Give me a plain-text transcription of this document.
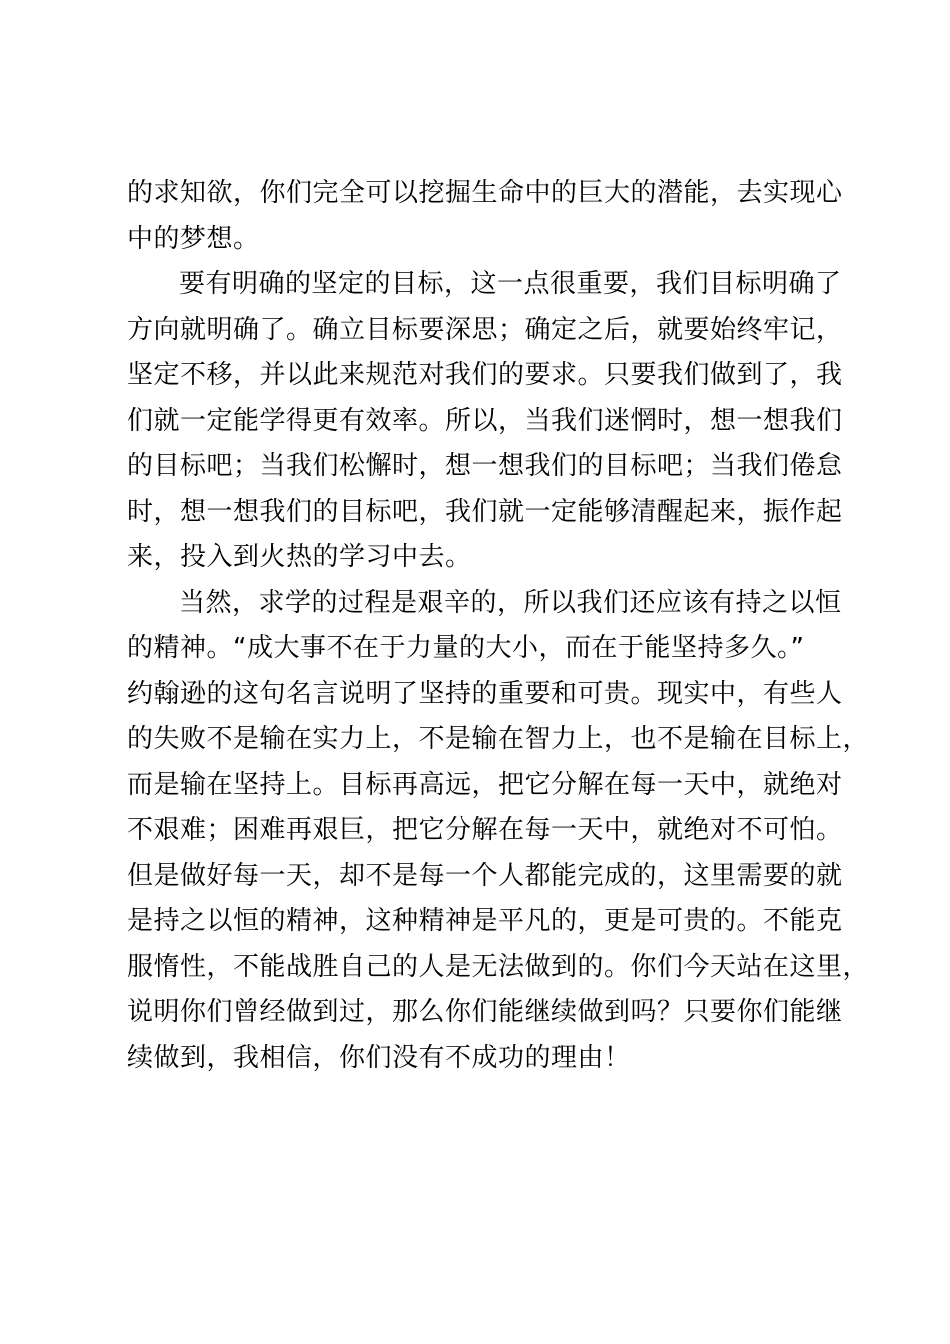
的求知欲，你们完全可以挖掘生命中的巨大的潜能，去实现心
中的梦想。
要有明确的坚定的目标，这一点很重要，我们目标明确了
方向就明确了。确立目标要深思；确定之后，就要始终牢记，
坚定不移，并以此来规范对我们的要求。只要我们做到了，我
们就一定能学得更有效率。所以，当我们迷惘时，想一想我们
的目标吧；当我们松懈时，想一想我们的目标吧；当我们倦怠
时，想一想我们的目标吧，我们就一定能够清醒起来，振作起
来，投入到火热的学习中去。
当然，求学的过程是艰辛的，所以我们还应该有持之以恒
的精神。“成大事不在于力量的大小，而在于能坚持多久。”
约翰逊的这句名言说明了坚持的重要和可贵。现实中，有些人
的失败不是输在实力上，不是输在智力上，也不是输在目标上，
而是输在坚持上。目标再高远，把它分解在每一天中，就绝对
不艰难；困难再艰巨，把它分解在每一天中，就绝对不可怕。
但是做好每一天，却不是每一个人都能完成的，这里需要的就
是持之以恒的精神，这种精神是平凡的，更是可贵的。不能克
服惰性，不能战胜自己的人是无法做到的。你们今天站在这里，
说明你们曾经做到过，那么你们能继续做到吗？只要你们能继
续做到，我相信，你们没有不成功的理由！
